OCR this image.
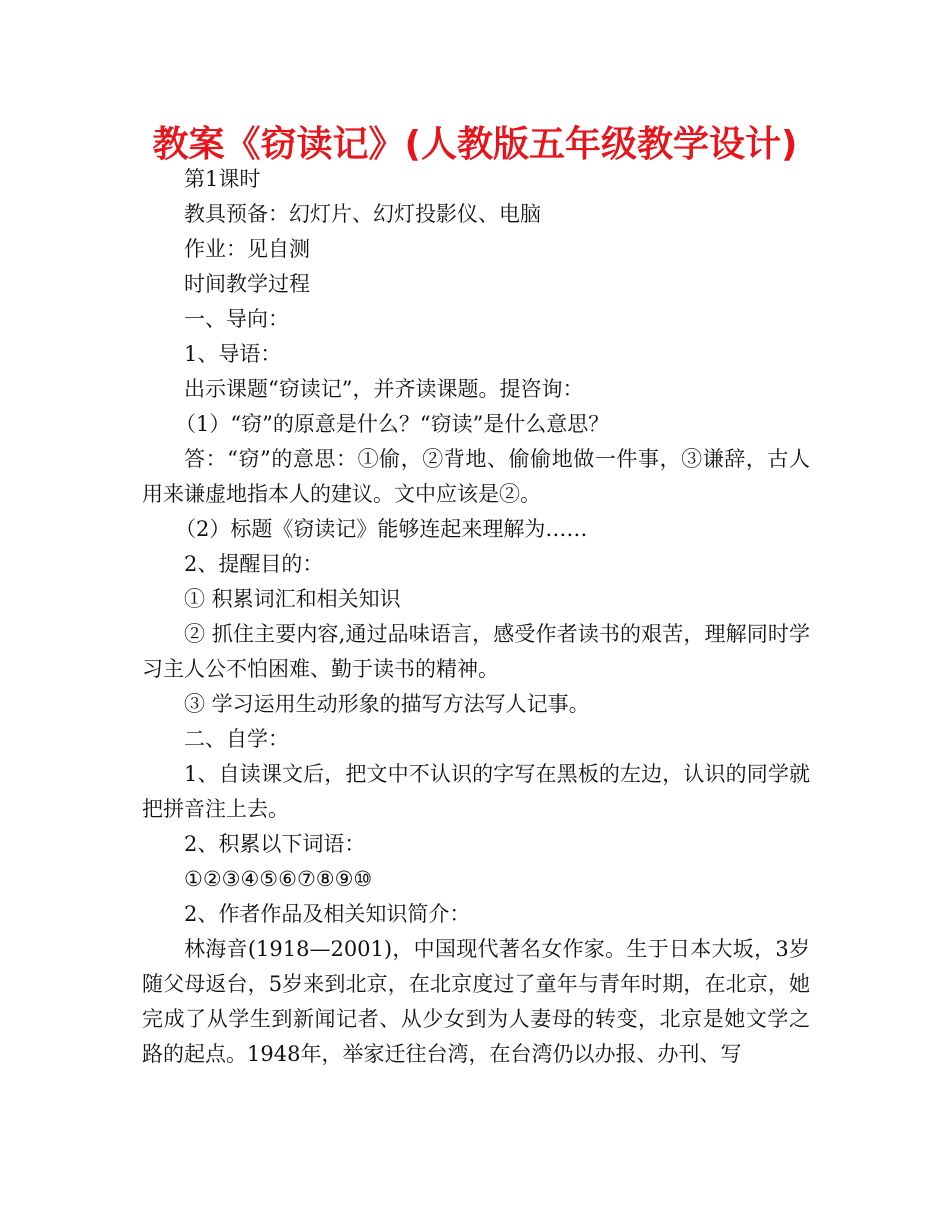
教案《窃读记》(人教版五年级教学设计)

第1课时

教具预备：幻灯片、幻灯投影仪、电脑

作业：见自测

时间教学过程

一、导向：

1、导语：

出示课题“窃读记”，并齐读课题。提咨询：

（1）“窃”的原意是什么？“窃读”是什么意思？

答：“窃”的意思：①偷，②背地、偷偷地做一件事，③谦辞，古人用来谦虚地指本人的建议。文中应该是②。

（2）标题《窃读记》能够连起来理解为……

2、提醒目的：

① 积累词汇和相关知识

② 抓住主要内容,通过品味语言，感受作者读书的艰苦，理解同时学习主人公不怕困难、勤于读书的精神。

③ 学习运用生动形象的描写方法写人记事。

二、自学：

1、自读课文后，把文中不认识的字写在黑板的左边，认识的同学就把拼音注上去。

2、积累以下词语：

①②③④⑤⑥⑦⑧⑨⑩

2、作者作品及相关知识简介：

林海音(1918—2001)，中国现代著名女作家。生于日本大坂，3岁随父母返台，5岁来到北京，在北京度过了童年与青年时期，在北京，她完成了从学生到新闻记者、从少女到为人妻母的转变，北京是她文学之路的起点。1948年，举家迁往台湾，在台湾仍以办报、办刊、写
